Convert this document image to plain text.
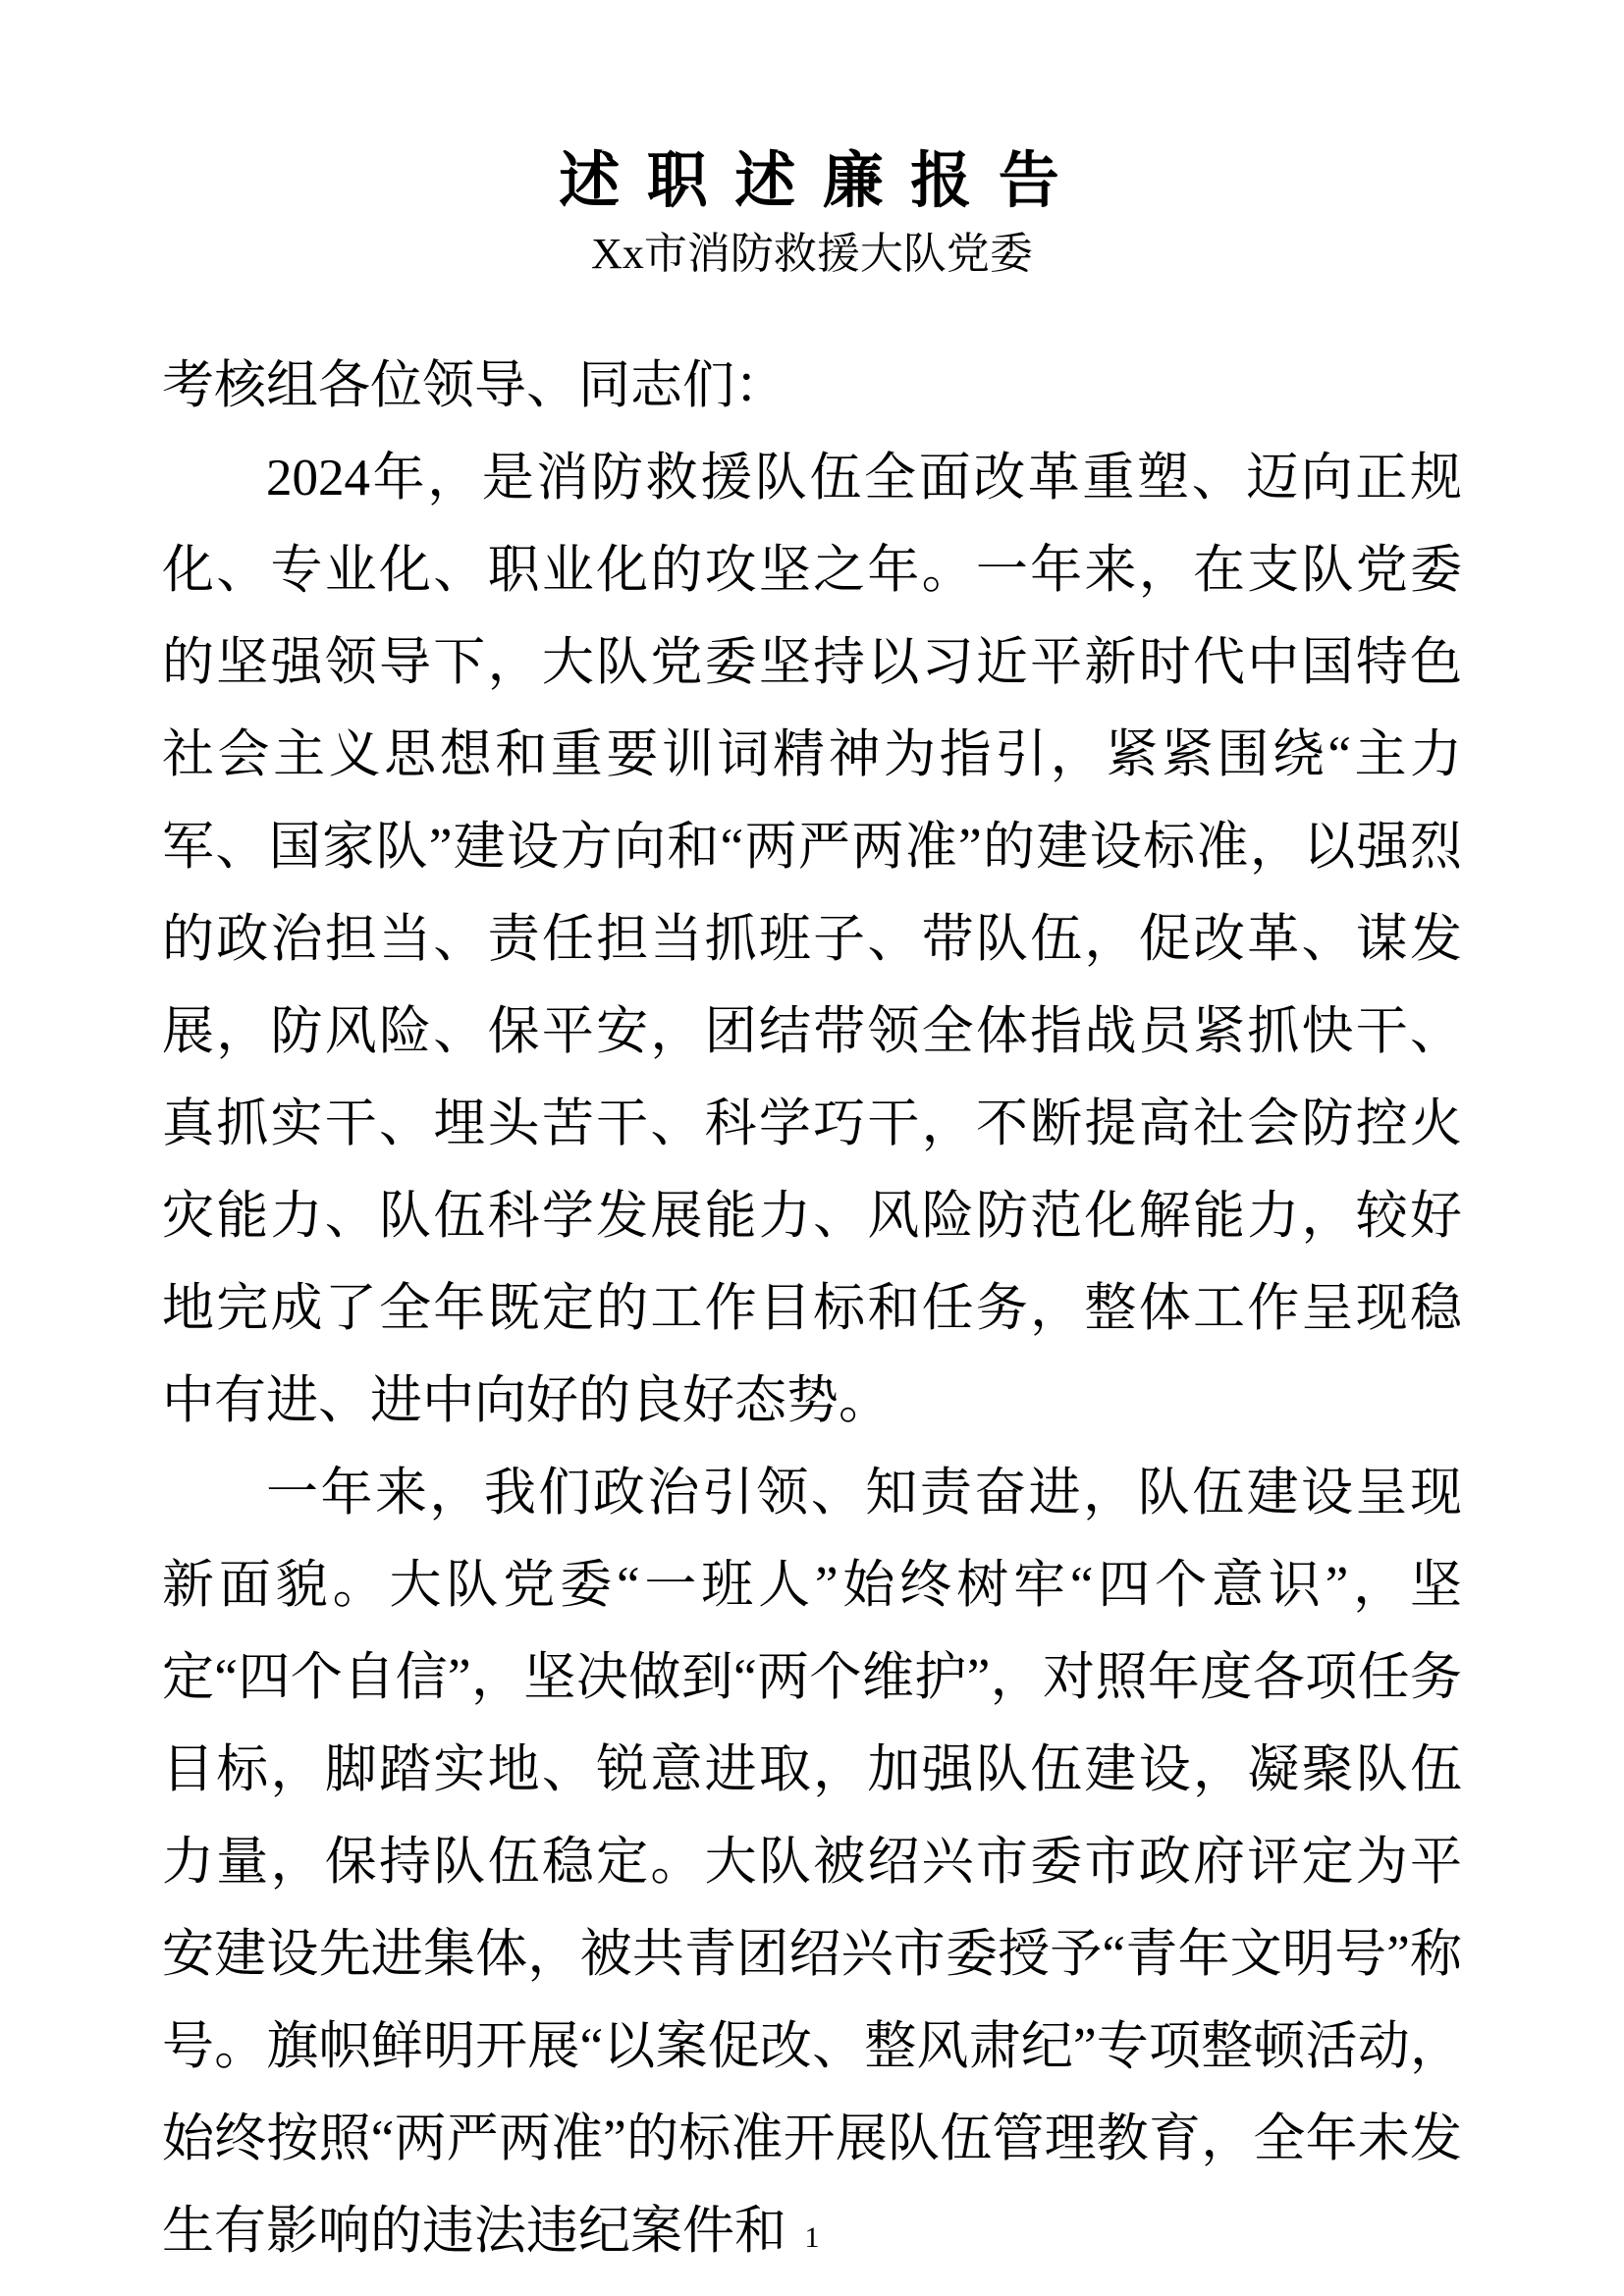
述 职 述 廉 报 告
Xx市消防救援大队党委

考核组各位领导、同志们：

2024年，是消防救援队伍全面改革重塑、迈向正规化、专业化、职业化的攻坚之年。一年来，在支队党委的坚强领导下，大队党委坚持以习近平新时代中国特色社会主义思想和重要训词精神为指引，紧紧围绕“主力军、国家队”建设方向和“两严两准”的建设标准，以强烈的政治担当、责任担当抓班子、带队伍，促改革、谋发展，防风险、保平安，团结带领全体指战员紧抓快干、真抓实干、埋头苦干、科学巧干，不断提高社会防控火灾能力、队伍科学发展能力、风险防范化解能力，较好地完成了全年既定的工作目标和任务，整体工作呈现稳中有进、进中向好的良好态势。

一年来，我们政治引领、知责奋进，队伍建设呈现新面貌。大队党委“一班人”始终树牢“四个意识”，坚定“四个自信”，坚决做到“两个维护”，对照年度各项任务目标，脚踏实地、锐意进取，加强队伍建设，凝聚队伍力量，保持队伍稳定。大队被绍兴市委市政府评定为平安建设先进集体，被共青团绍兴市委授予“青年文明号”称号。旗帜鲜明开展“以案促改、整风肃纪”专项整顿活动，始终按照“两严两准”的标准开展队伍管理教育，全年未发生有影响的违法违纪案件和 1
